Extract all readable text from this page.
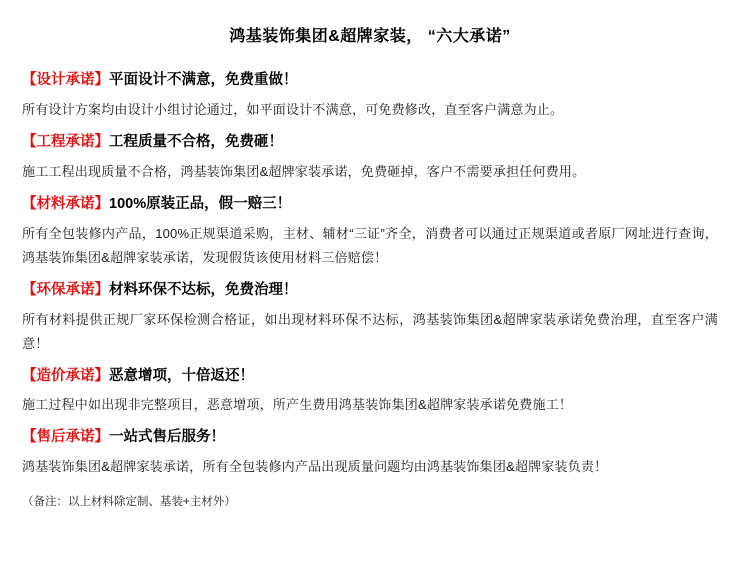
鸿基装饰集团&超牌家装， “六大承诺”
【设计承诺】平面设计不满意，免费重做！
所有设计方案均由设计小组讨论通过，如平面设计不满意，可免费修改，直至客户满意为止。
【工程承诺】工程质量不合格，免费砸！
施工工程出现质量不合格，鸿基装饰集团&超牌家装承诺，免费砸掉，客户不需要承担任何费用。
【材料承诺】100%原装正品，假一赔三！
所有全包装修内产品，100%正规渠道采购，主材、辅材“三证”齐全，消费者可以通过正规渠道或者原厂网址进行查询，鸿基装饰集团&超牌家装承诺，发现假货该使用材料三倍赔偿！
【环保承诺】材料环保不达标，免费治理！
所有材料提供正规厂家环保检测合格证，如出现材料环保不达标，鸿基装饰集团&超牌家装承诺免费治理，直至客户满意！
【造价承诺】恶意增项，十倍返还！
施工过程中如出现非完整项目，恶意增项，所产生费用鸿基装饰集团&超牌家装承诺免费施工！
【售后承诺】一站式售后服务！
鸿基装饰集团&超牌家装承诺，所有全包装修内产品出现质量问题均由鸿基装饰集团&超牌家装负责！
（备注：以上材料除定制、基装+主材外）
